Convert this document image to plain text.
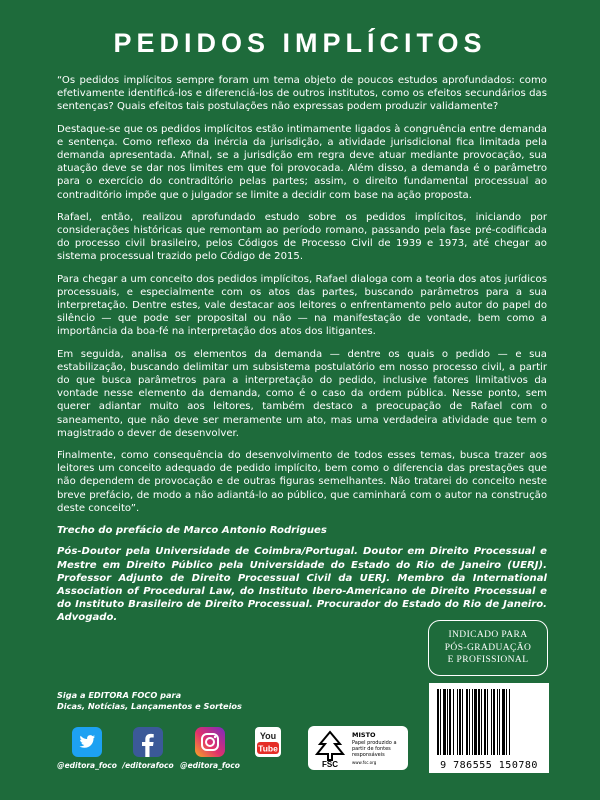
PEDIDOS IMPLÍCITOS

“Os pedidos implícitos sempre foram um tema objeto de poucos estudos aprofundados: como efetivamente identificá-los e diferenciá-los de outros institutos, como os efeitos secundários das sentenças? Quais efeitos tais postulações não expressas podem produzir validamente?

Destaque-se que os pedidos implícitos estão intimamente ligados à congruência entre demanda e sentença. Como reflexo da inércia da jurisdição, a atividade jurisdicional fica limitada pela demanda apresentada. Afinal, se a jurisdição em regra deve atuar mediante provocação, sua atuação deve se dar nos limites em que foi provocada. Além disso, a demanda é o parâmetro para o exercício do contraditório pelas partes; assim, o direito fundamental processual ao contraditório impõe que o julgador se limite a decidir com base na ação proposta.

Rafael, então, realizou aprofundado estudo sobre os pedidos implícitos, iniciando por considerações históricas que remontam ao período romano, passando pela fase pré-codificada do processo civil brasileiro, pelos Códigos de Processo Civil de 1939 e 1973, até chegar ao sistema processual trazido pelo Código de 2015.

Para chegar a um conceito dos pedidos implícitos, Rafael dialoga com a teoria dos atos jurídicos processuais, e especialmente com os atos das partes, buscando parâmetros para a sua interpretação. Dentre estes, vale destacar aos leitores o enfrentamento pelo autor do papel do silêncio — que pode ser proposital ou não — na manifestação de vontade, bem como a importância da boa-fé na interpretação dos atos dos litigantes.

Em seguida, analisa os elementos da demanda — dentre os quais o pedido — e sua estabilização, buscando delimitar um subsistema postulatório em nosso processo civil, a partir do que busca parâmetros para a interpretação do pedido, inclusive fatores limitativos da vontade nesse elemento da demanda, como é o caso da ordem pública. Nesse ponto, sem querer adiantar muito aos leitores, também destaco a preocupação de Rafael com o saneamento, que não deve ser meramente um ato, mas uma verdadeira atividade que tem o magistrado o dever de desenvolver.

Finalmente, como consequência do desenvolvimento de todos esses temas, busca trazer aos leitores um conceito adequado de pedido implícito, bem como o diferencia das prestações que não dependem de provocação e de outras figuras semelhantes. Não tratarei do conceito neste breve prefácio, de modo a não adiantá-lo ao público, que caminhará com o autor na construção deste conceito”.

Trecho do prefácio de Marco Antonio Rodrigues

Pós-Doutor pela Universidade de Coimbra/Portugal. Doutor em Direito Processual e Mestre em Direito Público pela Universidade do Estado do Rio de Janeiro (UERJ). Professor Adjunto de Direito Processual Civil da UERJ. Membro da International Association of Procedural Law, do Instituto Ibero-Americano de Direito Processual e do Instituto Brasileiro de Direito Processual. Procurador do Estado do Rio de Janeiro. Advogado.

INDICADO PARA
PÓS-GRADUAÇÃO
E PROFISSIONAL
Siga a EDITORA FOCO para
Dicas, Notícias, Lançamentos e Sorteios
@editora_foco /editorafoco @editora_foco
You
Tube
FSC
MISTO
Papel produzido a partir de fontes responsáveis
www.fsc.org	9 786555 150780
